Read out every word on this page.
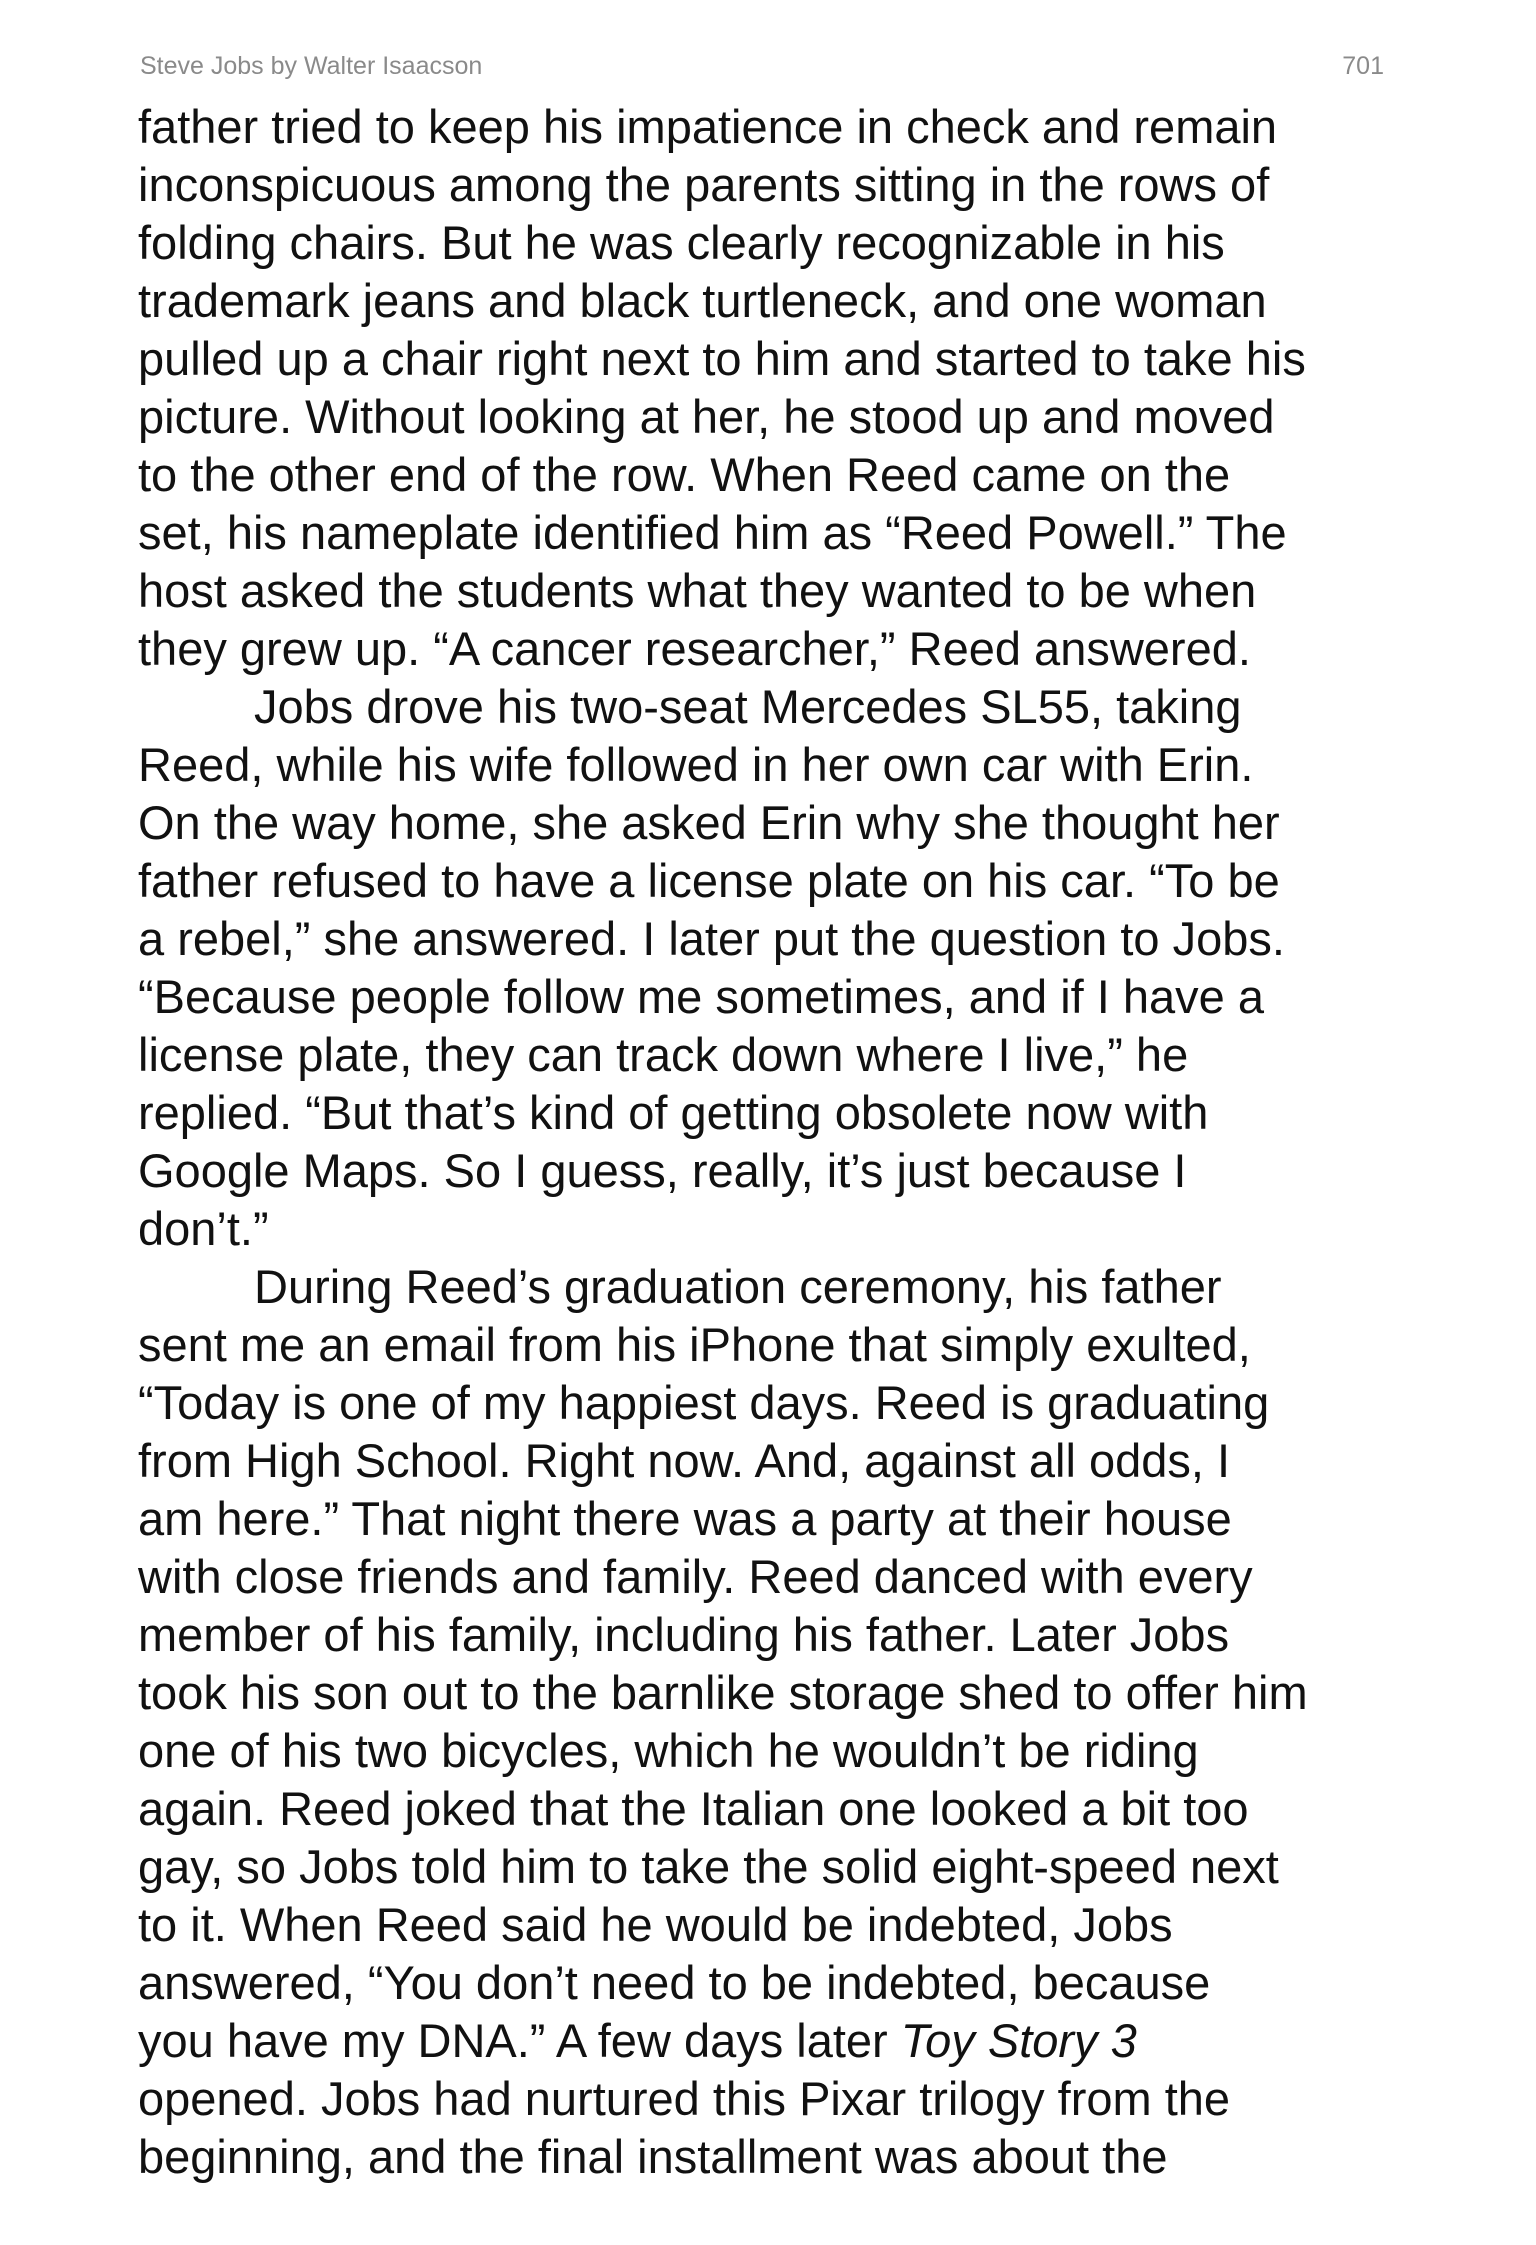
Steve Jobs by Walter Isaacson	701
father tried to keep his impatience in check and remain
inconspicuous among the parents sitting in the rows of
folding chairs. But he was clearly recognizable in his
trademark jeans and black turtleneck, and one woman
pulled up a chair right next to him and started to take his
picture. Without looking at her, he stood up and moved
to the other end of the row. When Reed came on the
set, his nameplate identified him as “Reed Powell.” The
host asked the students what they wanted to be when
they grew up. “A cancer researcher,” Reed answered.
Jobs drove his two-seat Mercedes SL55, taking
Reed, while his wife followed in her own car with Erin.
On the way home, she asked Erin why she thought her
father refused to have a license plate on his car. “To be
a rebel,” she answered. I later put the question to Jobs.
“Because people follow me sometimes, and if I have a
license plate, they can track down where I live,” he
replied. “But that’s kind of getting obsolete now with
Google Maps. So I guess, really, it’s just because I
don’t.”
During Reed’s graduation ceremony, his father
sent me an email from his iPhone that simply exulted,
“Today is one of my happiest days. Reed is graduating
from High School. Right now. And, against all odds, I
am here.” That night there was a party at their house
with close friends and family. Reed danced with every
member of his family, including his father. Later Jobs
took his son out to the barnlike storage shed to offer him
one of his two bicycles, which he wouldn’t be riding
again. Reed joked that the Italian one looked a bit too
gay, so Jobs told him to take the solid eight-speed next
to it. When Reed said he would be indebted, Jobs
answered, “You don’t need to be indebted, because
you have my DNA.” A few days later Toy Story 3
opened. Jobs had nurtured this Pixar trilogy from the
beginning, and the final installment was about the
